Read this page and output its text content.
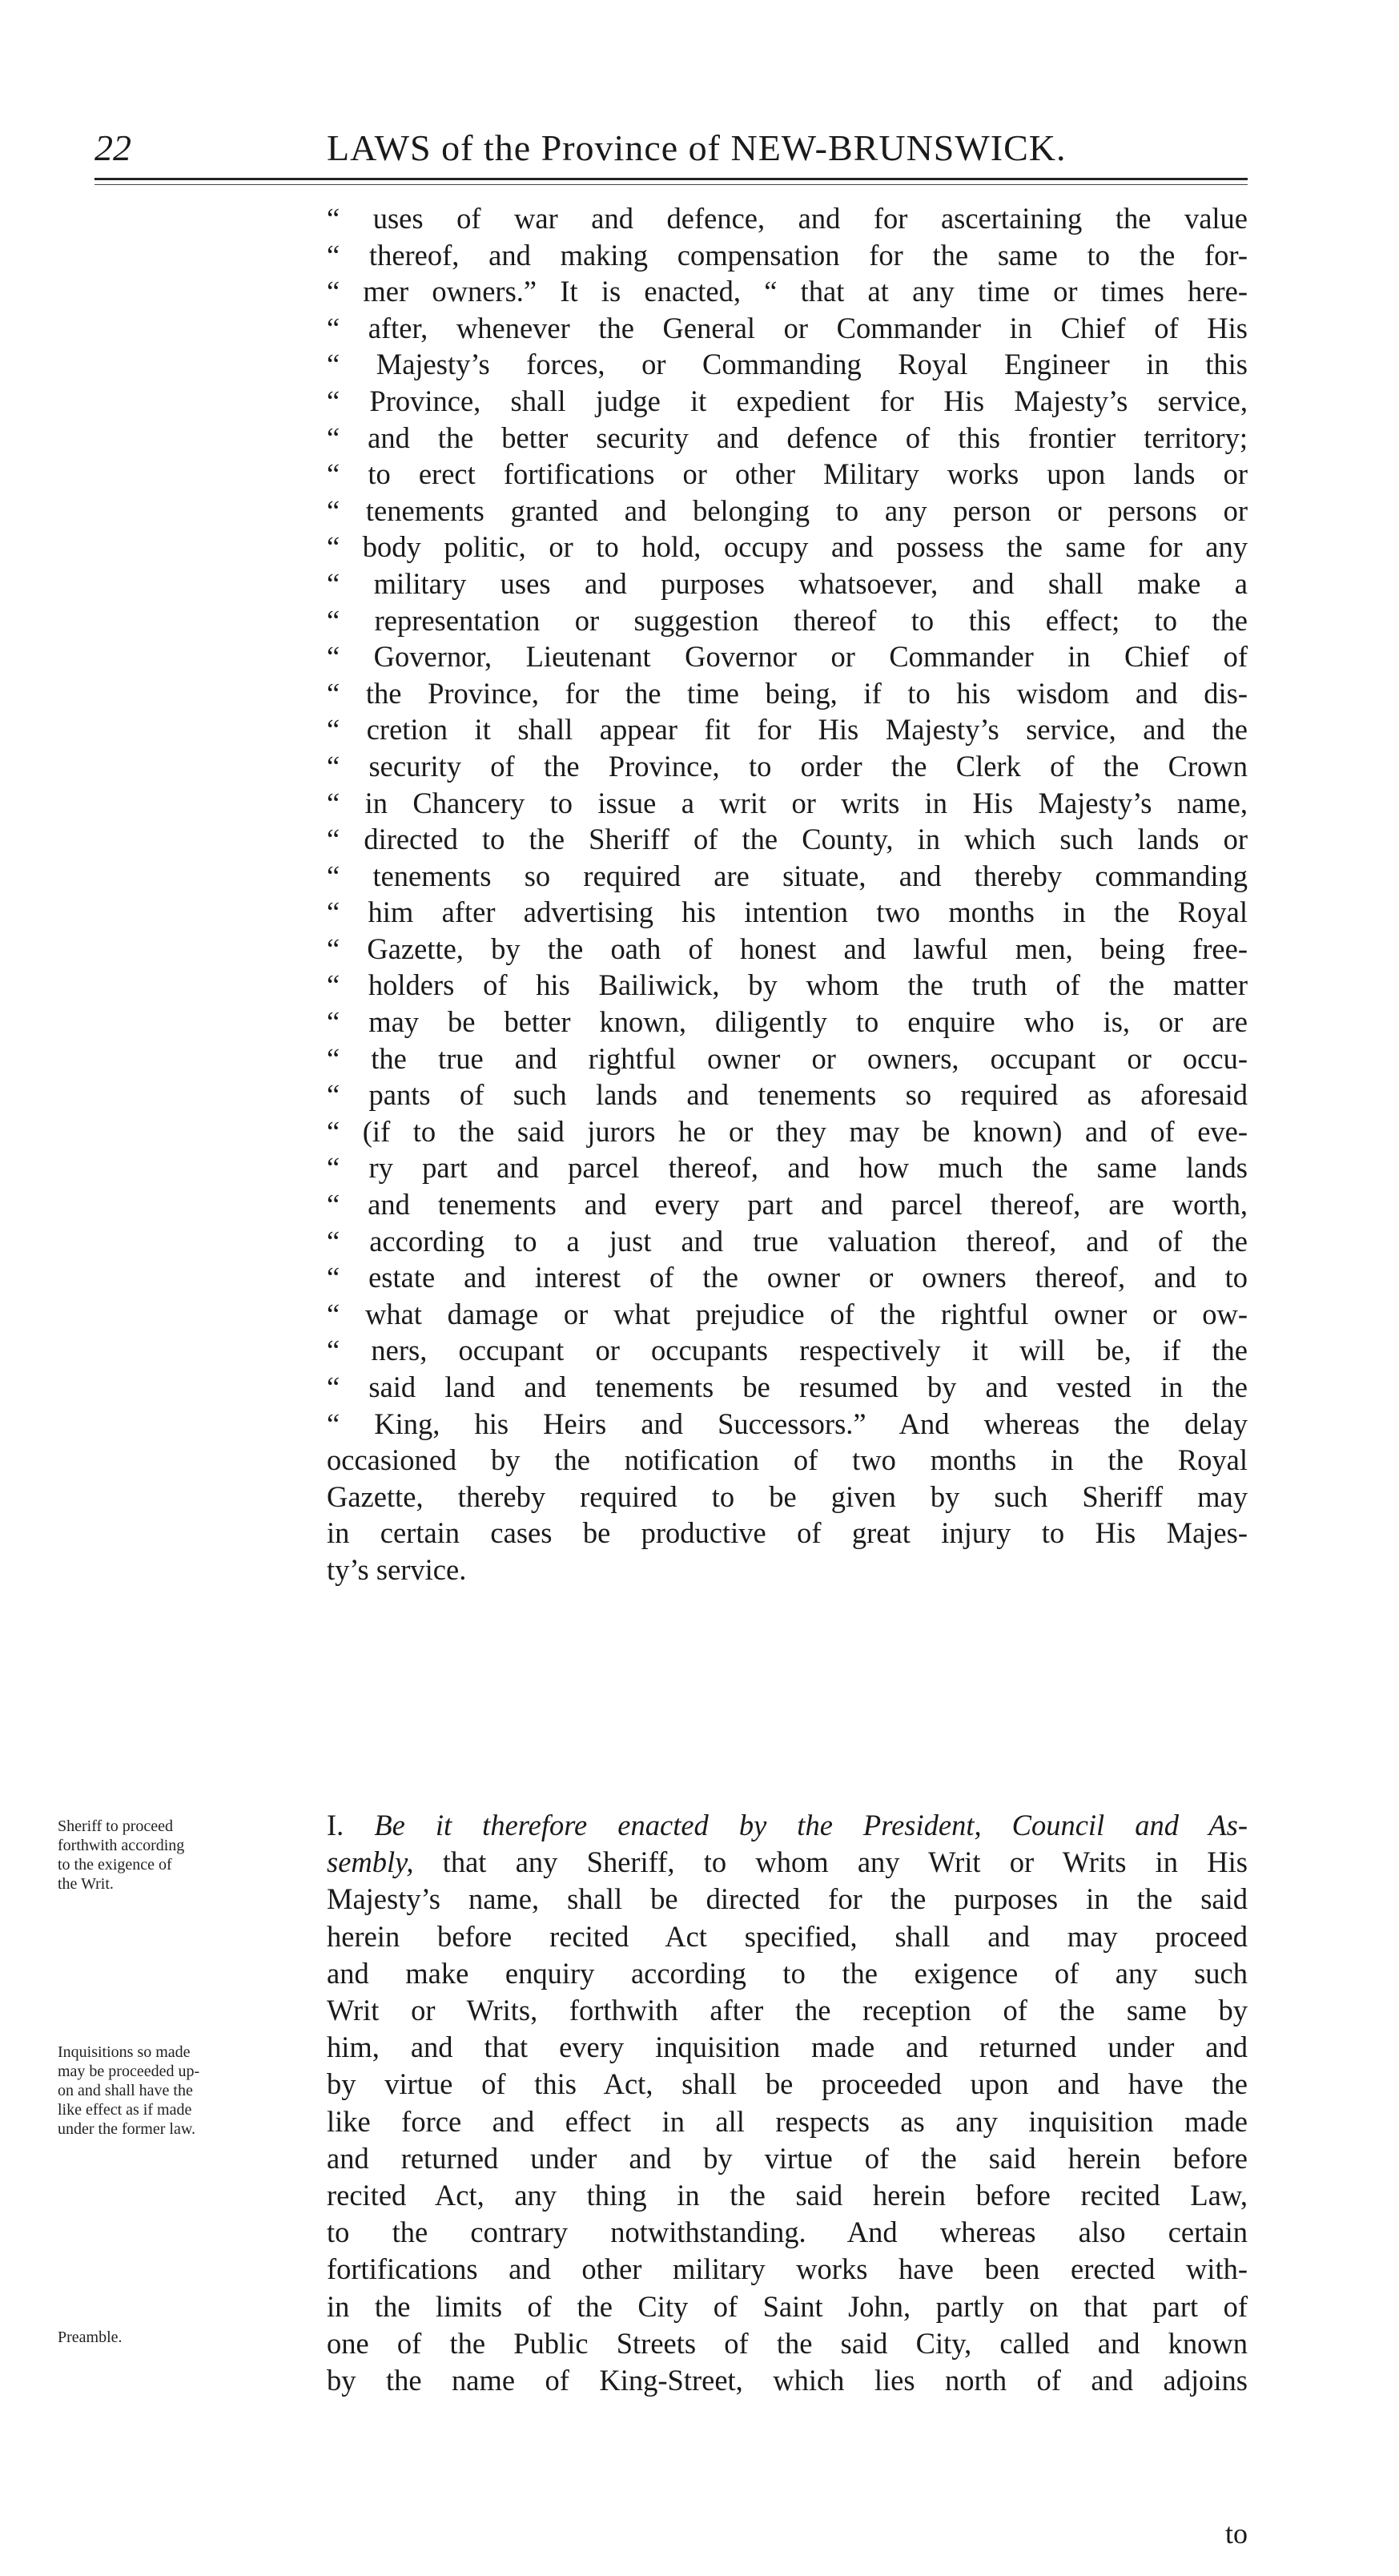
22	LAWS of the Province of NEW-BRUNSWICK.
“ uses of war and defence, and for ascertaining the value
“ thereof, and making compensation for the same to the for-
“ mer owners.” It is enacted, “ that at any time or times here-
“ after, whenever the General or Commander in Chief of His
“ Majesty’s forces, or Commanding Royal Engineer in this
“ Province, shall judge it expedient for His Majesty’s service,
“ and the better security and defence of this frontier territory;
“ to erect fortifications or other Military works upon lands or
“ tenements granted and belonging to any person or persons or
“ body politic, or to hold, occupy and possess the same for any
“ military uses and purposes whatsoever, and shall make a
“ representation or suggestion thereof to this effect; to the
“ Governor, Lieutenant Governor or Commander in Chief of
“ the Province, for the time being, if to his wisdom and dis-
“ cretion it shall appear fit for His Majesty’s service, and the
“ security of the Province, to order the Clerk of the Crown
“ in Chancery to issue a writ or writs in His Majesty’s name,
“ directed to the Sheriff of the County, in which such lands or
“ tenements so required are situate, and thereby commanding
“ him after advertising his intention two months in the Royal
“ Gazette, by the oath of honest and lawful men, being free-
“ holders of his Bailiwick, by whom the truth of the matter
“ may be better known, diligently to enquire who is, or are
“ the true and rightful owner or owners, occupant or occu-
“ pants of such lands and tenements so required as aforesaid
“ (if to the said jurors he or they may be known) and of eve-
“ ry part and parcel thereof, and how much the same lands
“ and tenements and every part and parcel thereof, are worth,
“ according to a just and true valuation thereof, and of the
“ estate and interest of the owner or owners thereof, and to
“ what damage or what prejudice of the rightful owner or ow-
“ ners, occupant or occupants respectively it will be, if the
“ said land and tenements be resumed by and vested in the
“ King, his Heirs and Successors.” And whereas the delay
occasioned by the notification of two months in the Royal
Gazette, thereby required to be given by such Sheriff may
in certain cases be productive of great injury to His Majes-
ty’s service.
Sheriff to proceed
forthwith according
to the exigence of
the Writ.
Inquisitions so made
may be proceeded up-
on and shall have the
like effect as if made
under the former law.
Preamble.
I. Be it therefore enacted by the President, Council and As-
sembly, that any Sheriff, to whom any Writ or Writs in His
Majesty’s name, shall be directed for the purposes in the said
herein before recited Act specified, shall and may proceed
and make enquiry according to the exigence of any such
Writ or Writs, forthwith after the reception of the same by
him, and that every inquisition made and returned under and
by virtue of this Act, shall be proceeded upon and have the
like force and effect in all respects as any inquisition made
and returned under and by virtue of the said herein before
recited Act, any thing in the said herein before recited Law,
to the contrary notwithstanding. And whereas also certain
fortifications and other military works have been erected with-
in the limits of the City of Saint John, partly on that part of
one of the Public Streets of the said City, called and known
by the name of King-Street, which lies north of and adjoins
to
